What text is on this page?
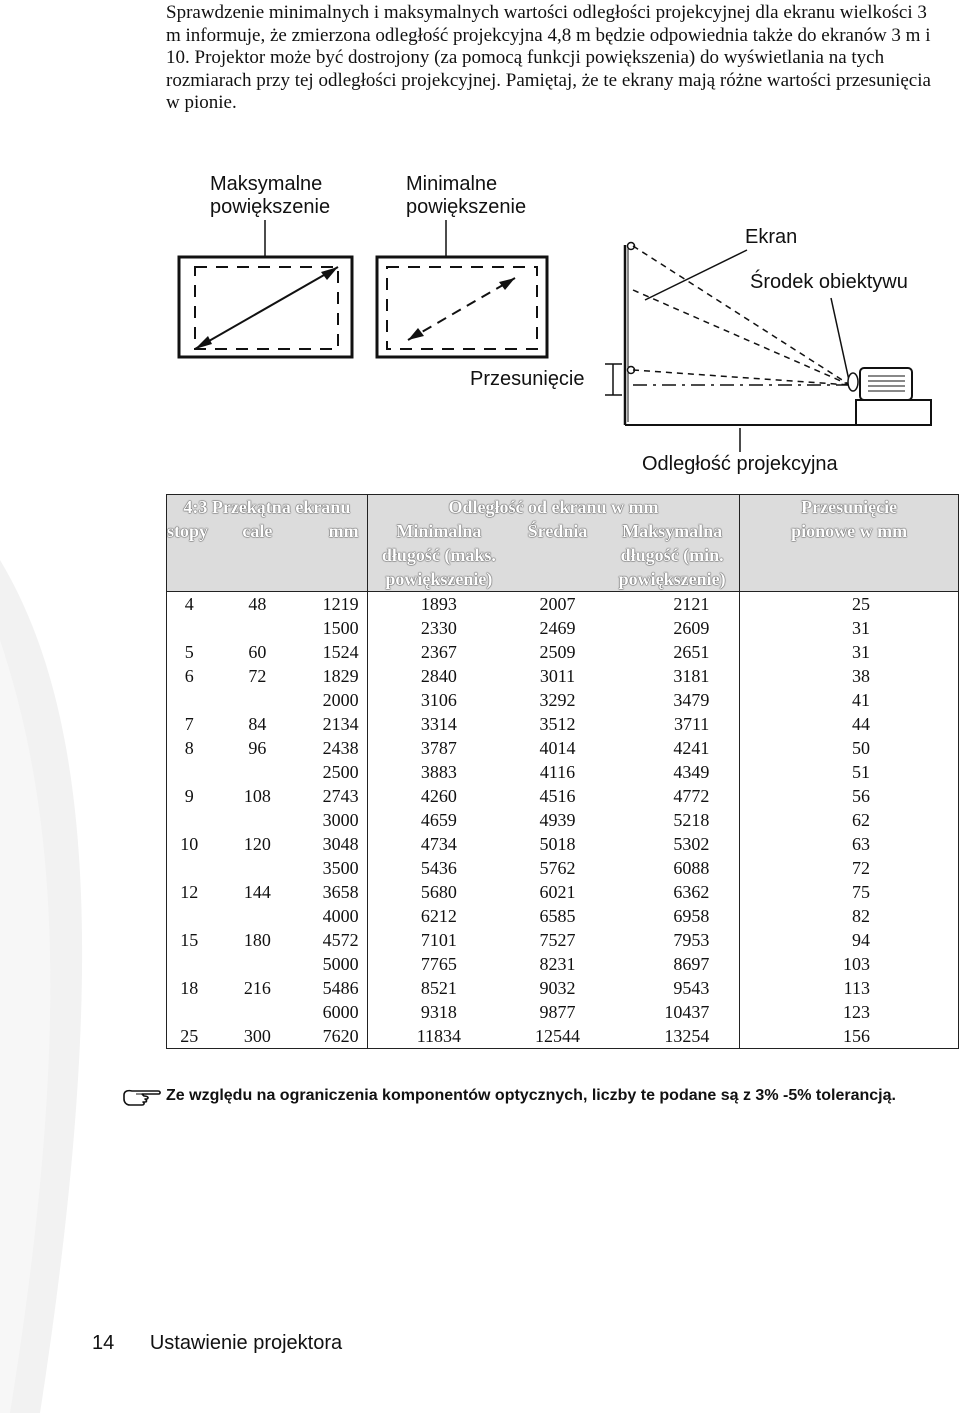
Sprawdzenie minimalnych i maksymalnych wartości odległości projekcyjnej dla ekranu wielkości 3 m informuje, że zmierzona odległość projekcyjna 4,8 m będzie odpowiednia także do ekranów 3 m i 10. Projektor może być dostrojony (za pomocą funkcji powiększenia) do wyświetlania na tych rozmiarach przy tej odległości projekcyjnej. Pamiętaj, że te ekrany mają różne wartości przesunięcia w pionie.

Maksymalne
powiększenie
Minimalne
powiększenie
Ekran
Środek obiektywu
Przesunięcie
Odległość projekcyjna
4:3 Przekątna ekranu			Odległość od ekranu w mm			Przesunięcie
pionowe w mm
stopy	cale	mm	Minimalna	Średnia	Maksymalna	
			długość (maks.		długość (min.	
			powiększenie)		powiększenie)	
4	48	1219	1893	2007	2121	25
		1500	2330	2469	2609	31
5	60	1524	2367	2509	2651	31
6	72	1829	2840	3011	3181	38
		2000	3106	3292	3479	41
7	84	2134	3314	3512	3711	44
8	96	2438	3787	4014	4241	50
		2500	3883	4116	4349	51
9	108	2743	4260	4516	4772	56
		3000	4659	4939	5218	62
10	120	3048	4734	5018	5302	63
		3500	5436	5762	6088	72
12	144	3658	5680	6021	6362	75
		4000	6212	6585	6958	82
15	180	4572	7101	7527	7953	94
		5000	7765	8231	8697	103
18	216	5486	8521	9032	9543	113
		6000	9318	9877	10437	123
25	300	7620	11834	12544	13254	156

Ze względu na ograniczenia komponentów optycznych, liczby te podane są z 3% -5% tolerancją.

14 Ustawienie projektora
